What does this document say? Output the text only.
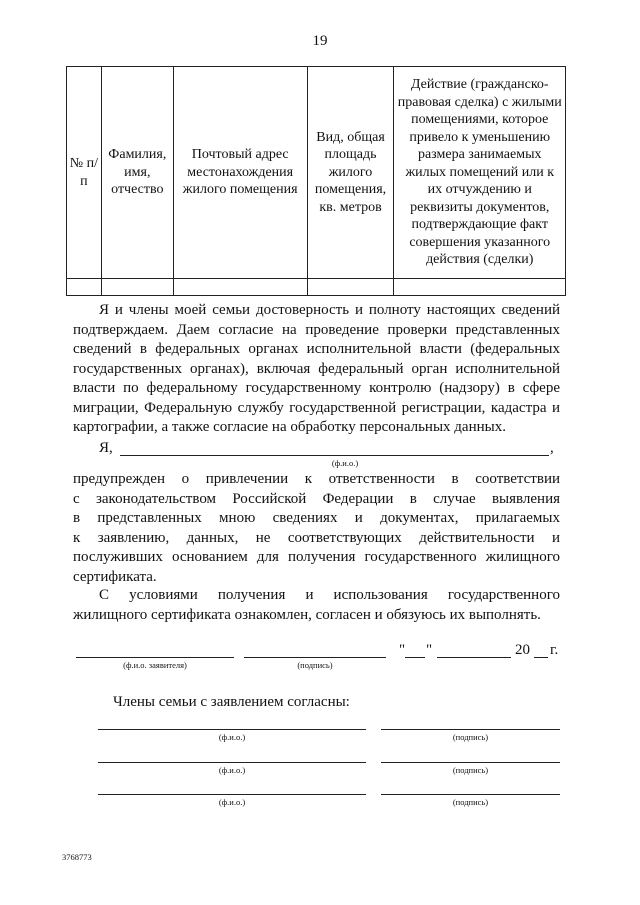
19
№ п/п	Фамилия, имя, отчество	Почтовый адрес местонахождения жилого помещения	Вид, общая площадь жилого помещения, кв. метров	Действие (гражданско-правовая сделка) с жилыми помещениями, которое привело к уменьшению размера занимаемых жилых помещений или к их отчуждению и реквизиты документов, подтверждающие факт совершения указанного действия (сделки)

Я и члены моей семьи достоверность и полноту настоящих сведений
подтверждаем. Даем согласие на проведение проверки представленных
сведений в федеральных органах исполнительной власти (федеральных
государственных органах), включая федеральный орган исполнительной
власти по федеральному государственному контролю (надзору) в сфере
миграции, Федеральную службу государственной регистрации, кадастра и
картографии, а также согласие на обработку персональных данных.
Я,	,
(ф.и.о.)
предупрежден о привлечении к ответственности в соответствии
с законодательством Российской Федерации в случае выявления
в представленных мною сведениях и документах, прилагаемых
к заявлению, данных, не соответствующих действительности и
послуживших основанием для получения государственного жилищного
сертификата.
С условиями получения и использования государственного
жилищного сертификата ознакомлен, согласен и обязуюсь их выполнять.
(ф.и.о. заявителя)	(подпись)
" "	20 г.
Члены семьи с заявлением согласны:
(ф.и.о.)	(подпись)
(ф.и.о.)	(подпись)
(ф.и.о.)	(подпись)
3768773
